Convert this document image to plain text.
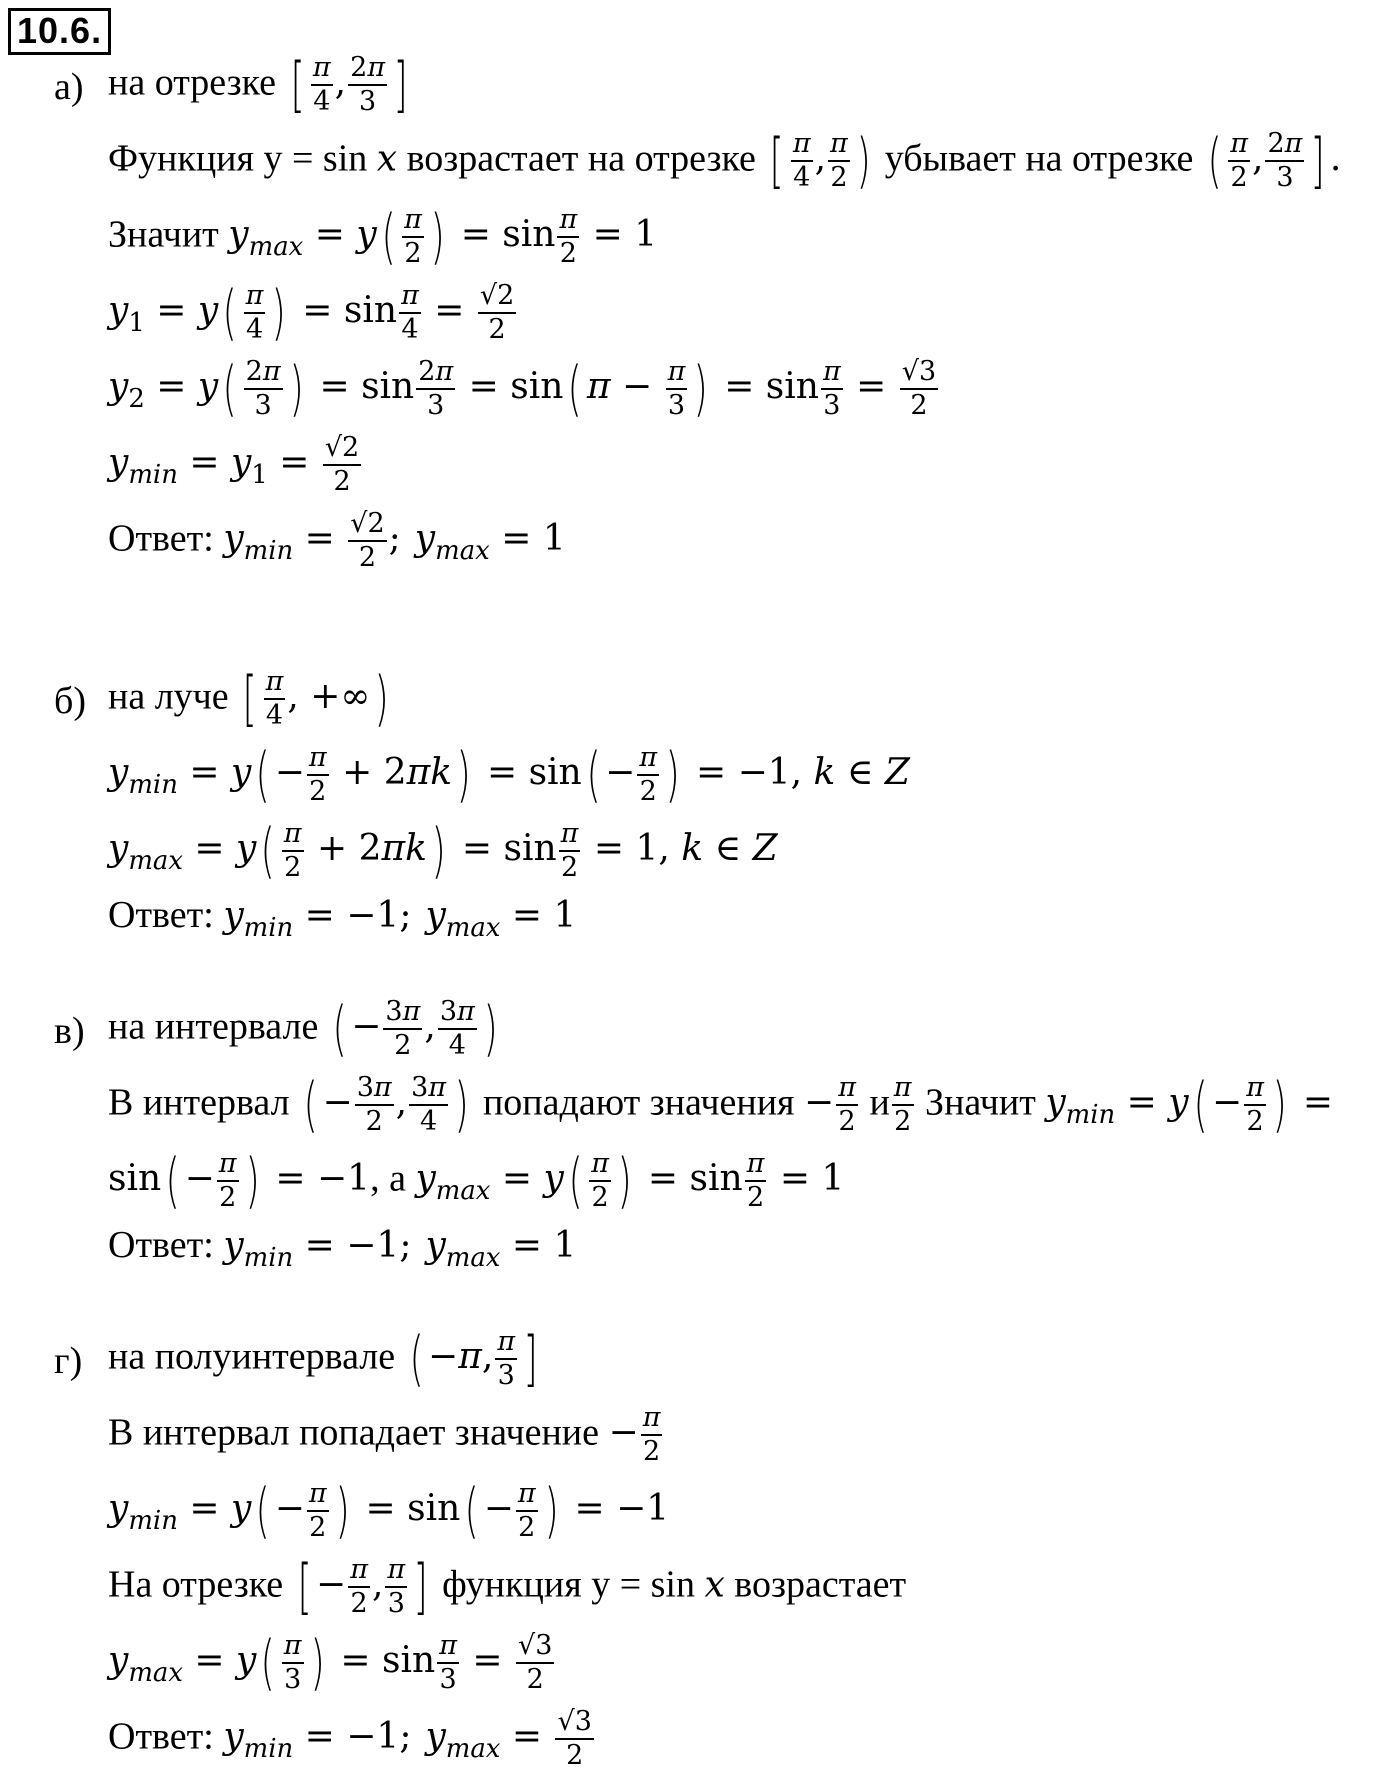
10.6.
а) на отрезке [ $\frac{\pi}{4}$ , $\frac{2\pi}{3}$ ]
Функция y = sin x возрастает на отрезке [ $\frac{\pi}{4}$ , $\frac{\pi}{2}$ ) убывает на отрезке ( $\frac{\pi}{2}$ , $\frac{2\pi}{3}$ ] .
Значит $y_{max} = y( \frac{\pi}{2}$ ) = $\sin \frac{\pi}{2} = 1$
$y_1 = y( \frac{\pi}{4}$ ) = $\sin \frac{\pi}{4} = \frac{√2}{2}$
$y_2 = y( \frac{2\pi}{3}$ ) = $\sin \frac{2\pi}{3} = \sin$( $\pi - \frac{\pi}{3}$ ) = $\sin \frac{\pi}{3} = \frac{√3}{2}$
$y_{min} = y_1 = \frac{√2}{2}$
Ответ: $y_{min} = \frac{√2}{2}$ ; $y_{max} = 1$
б) на луче [ $\frac{\pi}{4}$ , +∞)
$y_{min} = y( - \frac{\pi}{2} + 2\pi k) = \sin( - \frac{\pi}{2}$ ) = −1, k ∈ Z
$y_{max} = y( \frac{\pi}{2} + 2\pi k) = \sin \frac{\pi}{2} = 1$, k ∈ Z
Ответ: $y_{min} = -1$; $y_{max} = 1$
в) на интервале ( − $\frac{3\pi}{2}$ , $\frac{3\pi}{4}$ )
В интервал ( − $\frac{3\pi}{2}$ , $\frac{3\pi}{4}$ ) попадают значения − $\frac{\pi}{2}$ и $\frac{\pi}{2}$ Значит $y_{min} = y( - \frac{\pi}{2}$ ) =
$\sin( - \frac{\pi}{2}$ ) = −1, а $y_{max} = y( \frac{\pi}{2}$ ) = $\sin \frac{\pi}{2} = 1$
Ответ: $y_{min} = -1$; $y_{max} = 1$
г) на полуинтервале ( −π, $\frac{\pi}{3}$ ]
В интервал попадает значение − $\frac{\pi}{2}$
$y_{min} = y( - \frac{\pi}{2}$ ) = $\sin( - \frac{\pi}{2}$ ) = −1
На отрезке [ − $\frac{\pi}{2}$ , $\frac{\pi}{3}$ ] функция y = sin x возрастает
$y_{max} = y( \frac{\pi}{3}$ ) = $\sin \frac{\pi}{3} = \frac{√3}{2}$
Ответ: $y_{min} = -1$; $y_{max} = \frac{√3}{2}$
